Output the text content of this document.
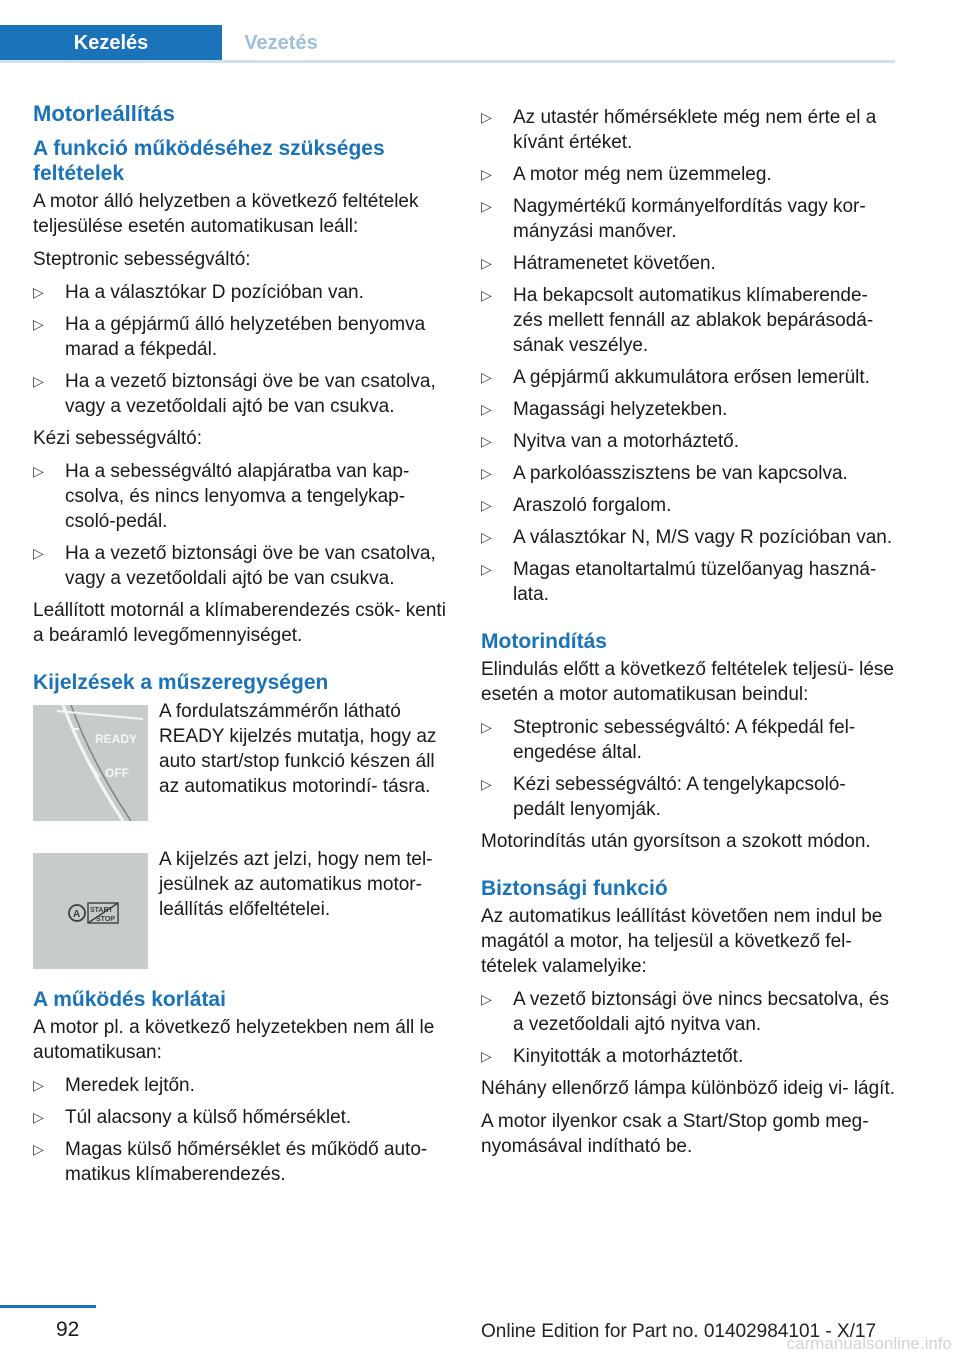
Kezelés	Vezetés
Motorleállítás
A funkció működéséhez szükséges feltételek

A motor álló helyzetben a következő feltételek teljesülése esetén automatikusan leáll:

Steptronic sebességváltó:

▷ Ha a választókar D pozícióban van.
▷ Ha a gépjármű álló helyzetében benyomva marad a fékpedál.
▷ Ha a vezető biztonsági öve be van csatolva, vagy a vezetőoldali ajtó be van csukva.

Kézi sebességváltó:

▷ Ha a sebességváltó alapjáratba van kap‐ csolva, és nincs lenyomva a tengelykap‐ csoló-pedál.
▷ Ha a vezető biztonsági öve be van csatolva, vagy a vezetőoldali ajtó be van csukva.

Leállított motornál a klímaberendezés csök‐ kenti a beáramló levegőmennyiséget.

Kijelzések a műszeregységen
READY
OFF
A fordulatszámmérőn látható READY kijelzés mutatja, hogy az auto start/stop funkció készen áll az automatikus motorindí‐ tásra.
A START
STOP
A kijelzés azt jelzi, hogy nem tel‐ jesülnek az automatikus motor‐ leállítás előfeltételei.
A működés korlátai

A motor pl. a következő helyzetekben nem áll le automatikusan:

▷ Meredek lejtőn.
▷ Túl alacsony a külső hőmérséklet.
▷ Magas külső hőmérséklet és működő auto‐ matikus klímaberendezés.
▷ Az utastér hőmérséklete még nem érte el a kívánt értéket.
▷ A motor még nem üzemmeleg.
▷ Nagymértékű kormányelfordítás vagy kor‐ mányzási manőver.
▷ Hátramenetet követően.
▷ Ha bekapcsolt automatikus klímaberende‐ zés mellett fennáll az ablakok bepárásodá‐ sának veszélye.
▷ A gépjármű akkumulátora erősen lemerült.
▷ Magassági helyzetekben.
▷ Nyitva van a motorháztető.
▷ A parkolóasszisztens be van kapcsolva.
▷ Araszoló forgalom.
▷ A választókar N, M/S vagy R pozícióban van.
▷ Magas etanoltartalmú tüzelőanyag haszná‐ lata.
Motorindítás

Elindulás előtt a következő feltételek teljesü‐ lése esetén a motor automatikusan beindul:

▷ Steptronic sebességváltó: A fékpedál fel‐ engedése által.
▷ Kézi sebességváltó: A tengelykapcsoló- pedált lenyomják.

Motorindítás után gyorsítson a szokott módon.

Biztonsági funkció

Az automatikus leállítást követően nem indul be magától a motor, ha teljesül a következő fel‐ tételek valamelyike:

▷ A vezető biztonsági öve nincs becsatolva, és a vezetőoldali ajtó nyitva van.
▷ Kinyitották a motorháztetőt.

Néhány ellenőrző lámpa különböző ideig vi‐ lágít.

A motor ilyenkor csak a Start/Stop gomb meg‐ nyomásával indítható be.

92	Online Edition for Part no. 01402984101 - X/17
carmanualsonline.info
